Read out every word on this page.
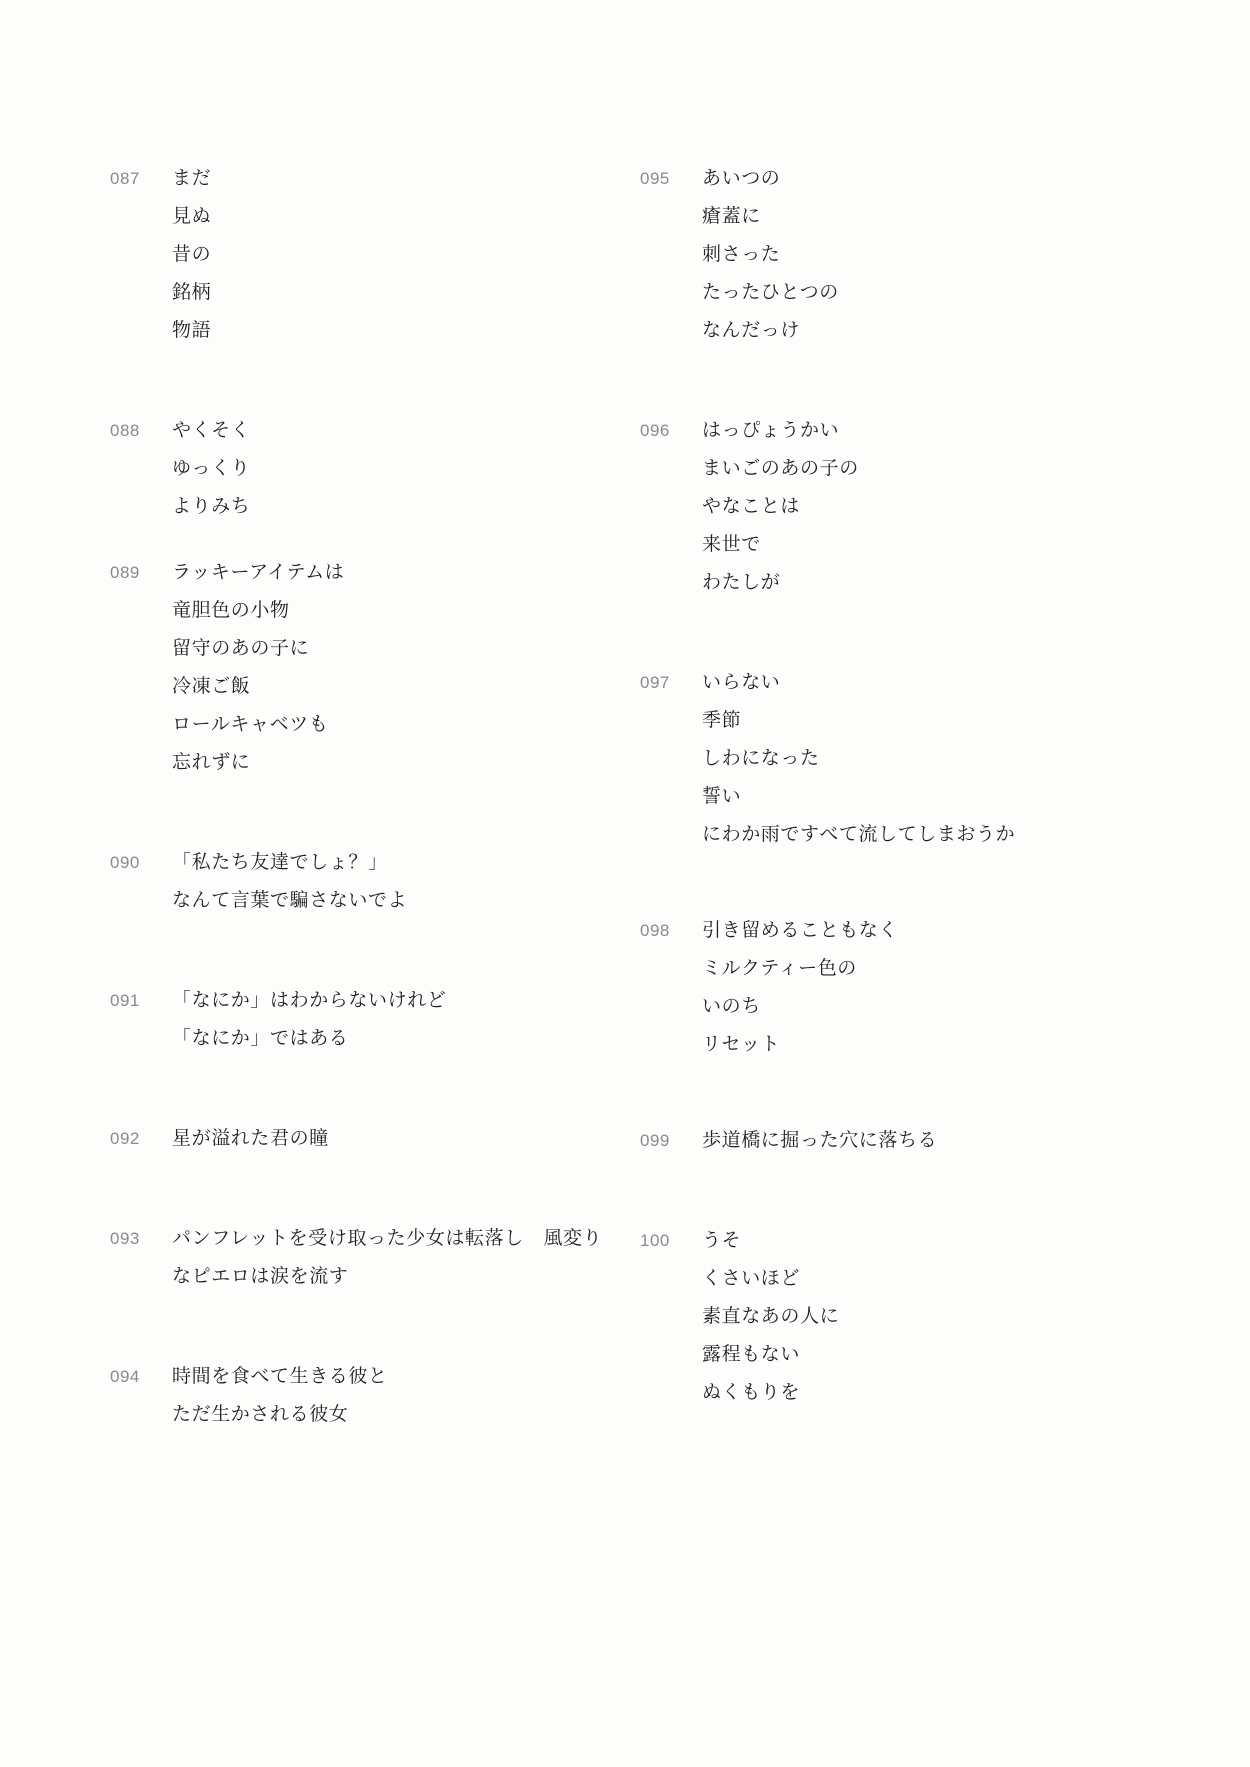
087	まだ
見ぬ
昔の
銘柄
物語
088	やくそく
ゆっくり
よりみち
089	ラッキーアイテムは
竜胆色の小物
留守のあの子に
冷凍ご飯
ロールキャベツも
忘れずに
090	「私たち友達でしょ？」
なんて言葉で騙さないでよ
091	「なにか」はわからないけれど
「なにか」ではある
092	星が溢れた君の瞳
093	パンフレットを受け取った少女は転落し　風変り
なピエロは涙を流す
094	時間を食べて生きる彼と
ただ生かされる彼女
095	あいつの
瘡蓋に
刺さった
たったひとつの
なんだっけ
096	はっぴょうかい
まいごのあの子の
やなことは
来世で
わたしが
097	いらない
季節
しわになった
誓い
にわか雨ですべて流してしまおうか
098	引き留めることもなく
ミルクティー色の
いのち
リセット
099	歩道橋に掘った穴に落ちる
100	うそ
くさいほど
素直なあの人に
露程もない
ぬくもりを
